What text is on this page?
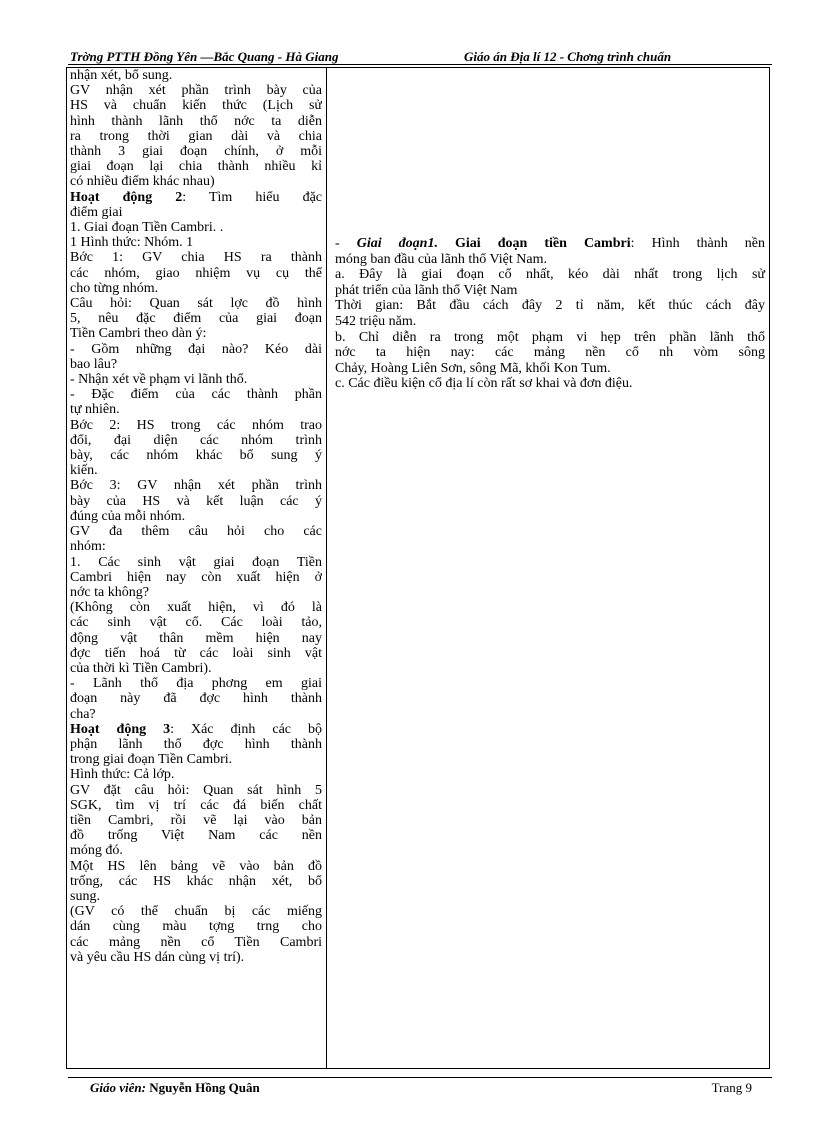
Trờng PTTH Đồng Yên —Bắc Quang - Hà Giang	Giáo án Địa lí 12 - Chơng trình chuẩn
nhận xét, bổ sung.
GV nhận xét phần trình bày của
HS và chuẩn kiến thức (Lịch sử
hình thành lãnh thổ nớc ta diễn
ra trong thời gian dài và chia
thành 3 giai đoạn chính, ở mỗi
giai đoạn lại chia thành nhiều kỉ
có nhiều điểm khác nhau)
Hoạt động 2: Tìm hiểu đặc
điểm giai
1. Giai đoạn Tiền Cambri. .
1 Hình thức: Nhóm. 1
Bớc 1: GV chia HS ra thành
các nhóm, giao nhiệm vụ cụ thể
cho từng nhóm.
Câu hỏi: Quan sát lợc đồ hình
5, nêu đặc điểm của giai đoạn
Tiền Cambri theo dàn ý:
- Gồm những đại nào? Kéo dài
bao lâu?
- Nhận xét về phạm vi lãnh thổ.
- Đặc điểm của các thành phần
tự nhiên.
Bớc 2: HS trong các nhóm trao
đổi, đại diện các nhóm trình
bày, các nhóm khác bổ sung ý
kiến.
Bớc 3: GV nhận xét phần trình
bày của HS và kết luận các ý
đúng của mỗi nhóm.
GV đa thêm câu hỏi cho các
nhóm:
1. Các sinh vật giai đoạn Tiền
Cambri hiện nay còn xuất hiện ở
nớc ta không?
(Không còn xuất hiện, vì đó là
các sinh vật cổ. Các loài tảo,
động vật thân mềm hiện nay
đợc tiến hoá từ các loài sinh vật
của thời kì Tiền Cambri).
- Lãnh thổ địa phơng em giai
đoạn này đã đợc hình thành
cha?
Hoạt động 3: Xác định các bộ
phận lãnh thổ đợc hình thành
trong giai đoạn Tiền Cambri.
Hình thức: Cả lớp.
GV đặt câu hỏi: Quan sát hình 5
SGK, tìm vị trí các đá biến chất
tiền Cambri, rồi vẽ lại vào bản
đồ trống Việt Nam các nền
móng đó.
Một HS lên bảng vẽ vào bản đồ
trống, các HS khác nhận xét, bổ
sung.
(GV có thể chuẩn bị các miếng
dán cùng màu tợng trng cho
các mảng nền cổ Tiền Cambri
và yêu cầu HS dán cùng vị trí).
- Giai đoạn1. Giai đoạn tiền Cambri: Hình thành nền
móng ban đầu của lãnh thổ Việt Nam.
a. Đây là giai đoạn cổ nhất, kéo dài nhất trong lịch sử
phát triển của lãnh thổ Việt Nam
Thời gian: Bắt đầu cách đây 2 tỉ năm, kết thúc cách đây
542 triệu năm.
b. Chỉ diễn ra trong một phạm vi hẹp trên phần lãnh thổ
nớc ta hiện nay: các mảng nền cổ nh vòm sông
Chảy, Hoàng Liên Sơn, sông Mã, khối Kon Tum.
c. Các điều kiện cổ địa lí còn rất sơ khai và đơn điệu.
Giáo viên: Nguyễn Hồng Quân	Trang 9
